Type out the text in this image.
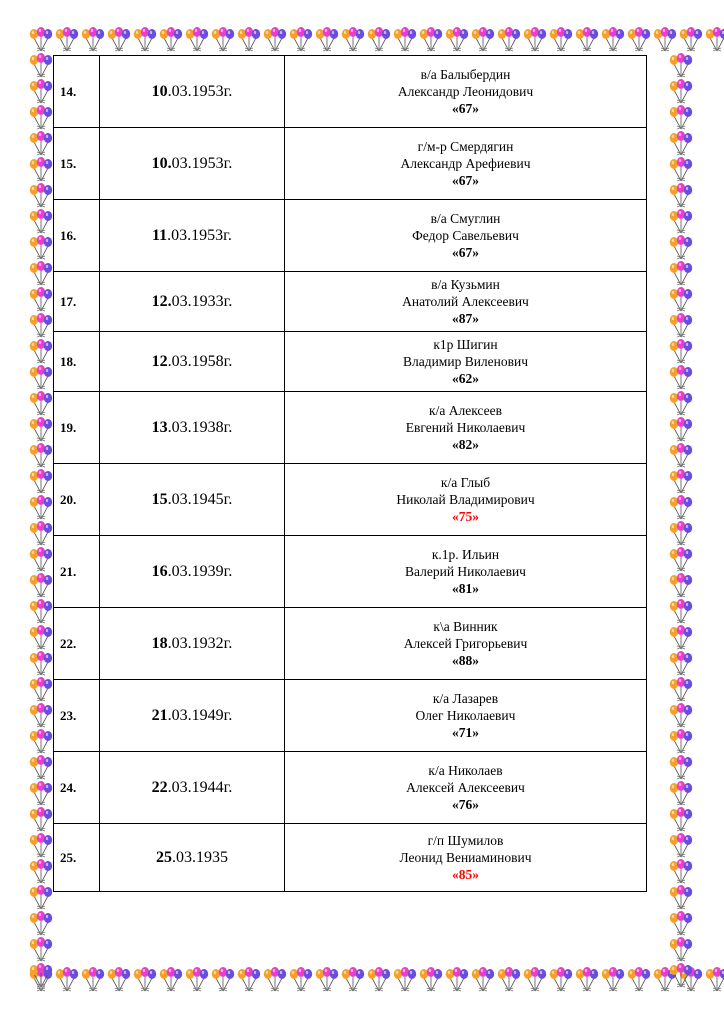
14.	10.03.1953г.	в/а Балыбердин
Александр Леонидович
«67»

15.	10.03.1953г.	г/м-р Смердягин
Александр Арефиевич
«67»

16.	11.03.1953г.	в/а Смуглин
Федор Савельевич
«67»

17.	12.03.1933г.	в/а Кузьмин
Анатолий Алексеевич
«87»

18.	12.03.1958г.	к1р Шигин
Владимир Виленович
«62»

19.	13.03.1938г.	к/а Алексеев
Евгений Николаевич
«82»

20.	15.03.1945г.	к/а Глыб
Николай Владимирович
«75»

21.	16.03.1939г.	к.1р. Ильин
Валерий Николаевич
«81»

22.	18.03.1932г.	к\а Винник
Алексей Григорьевич
«88»

23.	21.03.1949г.	к/а Лазарев
Олег Николаевич
«71»

24.	22.03.1944г.	к/а Николаев
Алексей Алексеевич
«76»

25.	25.03.1935	г/п Шумилов
Леонид Вениаминович
«85»
